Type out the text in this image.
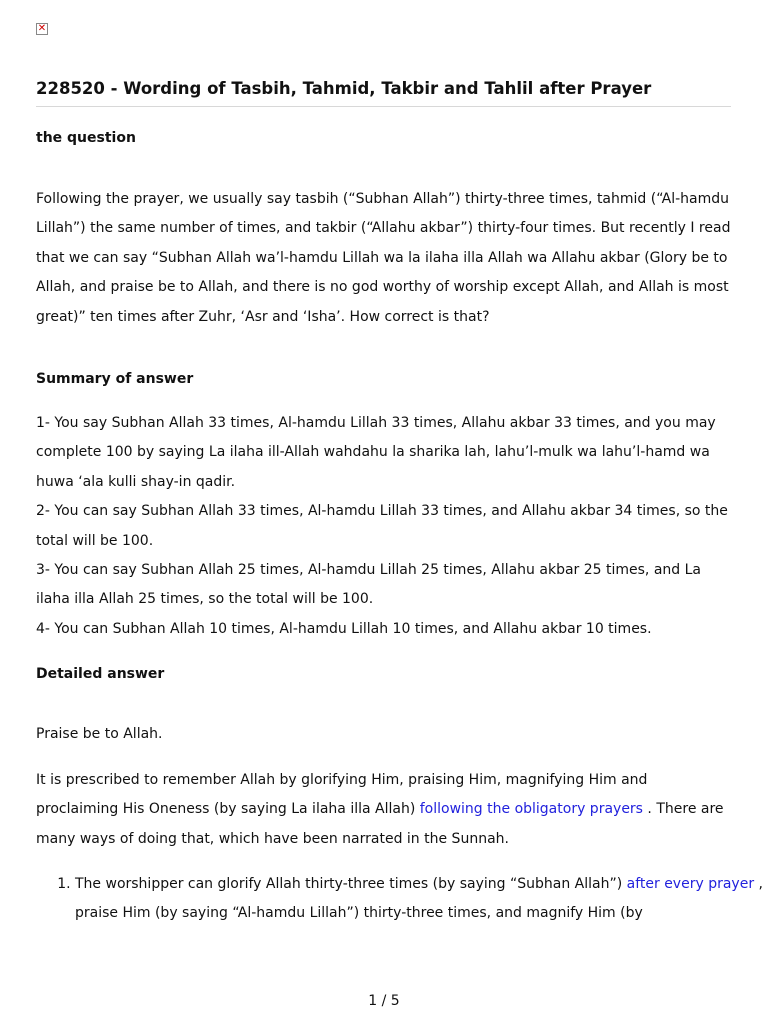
✕
228520 - Wording of Tasbih, Tahmid, Takbir and Tahlil after Prayer
the question

Following the prayer, we usually say tasbih (“Subhan Allah”) thirty-three times, tahmid (“Al-hamdu Lillah”) the same number of times, and takbir (“Allahu akbar”) thirty-four times. But recently I read that we can say “Subhan Allah wa’l-hamdu Lillah wa la ilaha illa Allah wa Allahu akbar (Glory be to Allah, and praise be to Allah, and there is no god worthy of worship except Allah, and Allah is most great)” ten times after Zuhr, ‘Asr and ‘Isha’. How correct is that?

Summary of answer

1- You say Subhan Allah 33 times, Al-hamdu Lillah 33 times, Allahu akbar 33 times, and you may complete 100 by saying La ilaha ill-Allah wahdahu la sharika lah, lahu’l-mulk wa lahu’l-hamd wa huwa ‘ala kulli shay-in qadir.
2- You can say Subhan Allah 33 times, Al-hamdu Lillah 33 times, and Allahu akbar 34 times, so the total will be 100.
3- You can say Subhan Allah 25 times, Al-hamdu Lillah 25 times, Allahu akbar 25 times, and La ilaha illa Allah 25 times, so the total will be 100.
4- You can Subhan Allah 10 times, Al-hamdu Lillah 10 times, and Allahu akbar 10 times.

Detailed answer

Praise be to Allah.

It is prescribed to remember Allah by glorifying Him, praising Him, magnifying Him and proclaiming His Oneness (by saying La ilaha illa Allah) following the obligatory prayers . There are many ways of doing that, which have been narrated in the Sunnah.

1. The worshipper can glorify Allah thirty-three times (by saying “Subhan Allah”) after every prayer , praise Him (by saying “Al-hamdu Lillah”) thirty-three times, and magnify Him (by
1 / 5
